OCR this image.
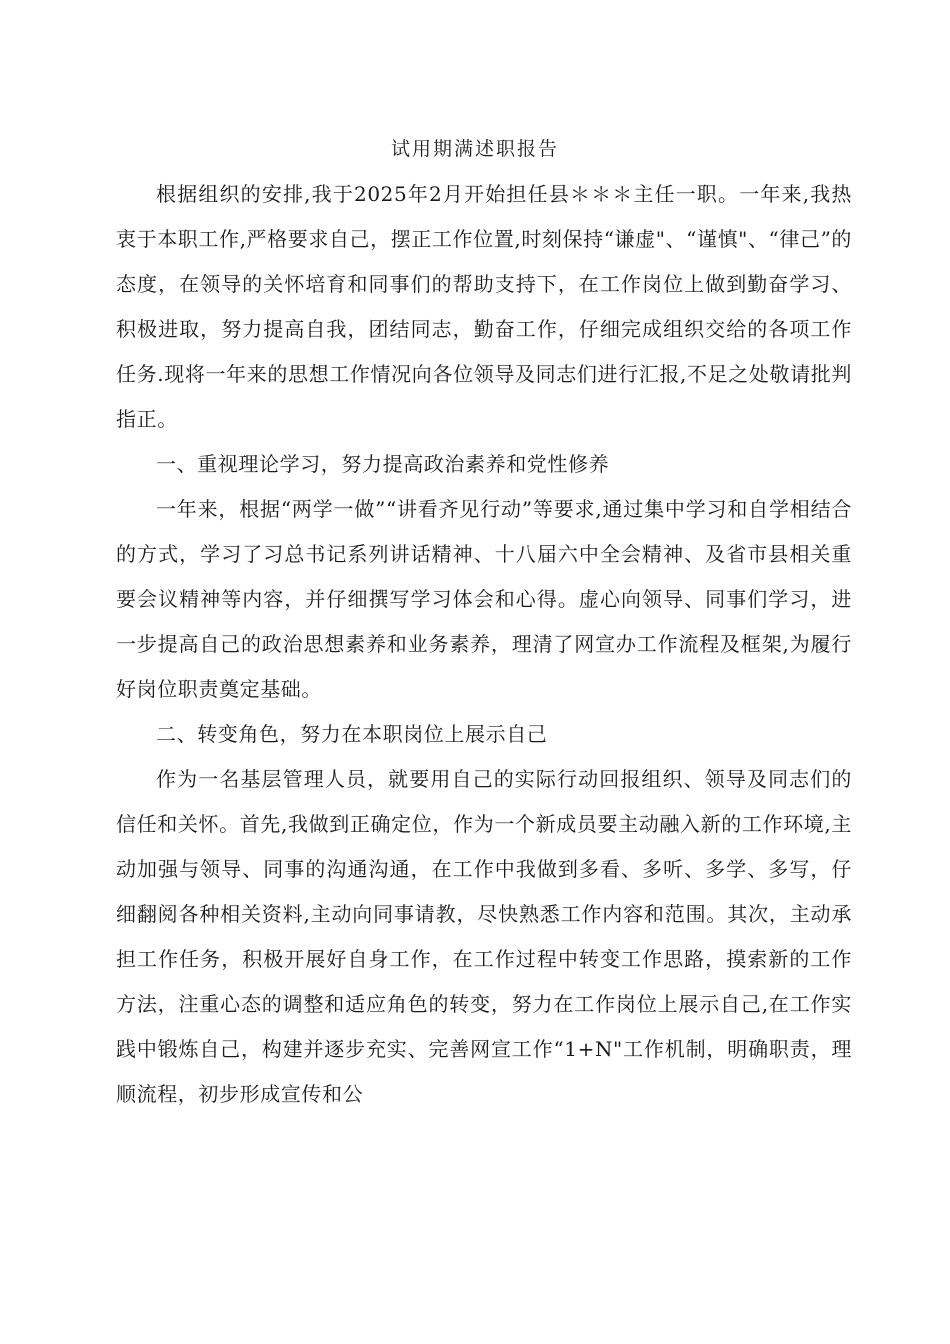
试用期满述职报告

根据组织的安排,我于2025年2月开始担任县＊＊＊主任一职。一年来,我热衷于本职工作,严格要求自己，摆正工作位置,时刻保持“谦虚"、“谨慎"、“律己”的态度，在领导的关怀培育和同事们的帮助支持下，在工作岗位上做到勤奋学习、积极进取，努力提高自我，团结同志，勤奋工作，仔细完成组织交给的各项工作任务.现将一年来的思想工作情况向各位领导及同志们进行汇报,不足之处敬请批判指正。

一、重视理论学习，努力提高政治素养和党性修养

一年来，根据“两学一做”“讲看齐见行动”等要求,通过集中学习和自学相结合的方式，学习了习总书记系列讲话精神、十八届六中全会精神、及省市县相关重要会议精神等内容，并仔细撰写学习体会和心得。虚心向领导、同事们学习，进一步提高自己的政治思想素养和业务素养，理清了网宣办工作流程及框架,为履行好岗位职责奠定基础。

二、转变角色，努力在本职岗位上展示自己

作为一名基层管理人员，就要用自己的实际行动回报组织、领导及同志们的信任和关怀。首先,我做到正确定位，作为一个新成员要主动融入新的工作环境,主动加强与领导、同事的沟通沟通，在工作中我做到多看、多听、多学、多写，仔细翻阅各种相关资料,主动向同事请教，尽快熟悉工作内容和范围。其次，主动承担工作任务，积极开展好自身工作，在工作过程中转变工作思路，摸索新的工作方法，注重心态的调整和适应角色的转变，努力在工作岗位上展示自己,在工作实践中锻炼自己，构建并逐步充实、完善网宣工作“1+N"工作机制，明确职责，理顺流程，初步形成宣传和公
